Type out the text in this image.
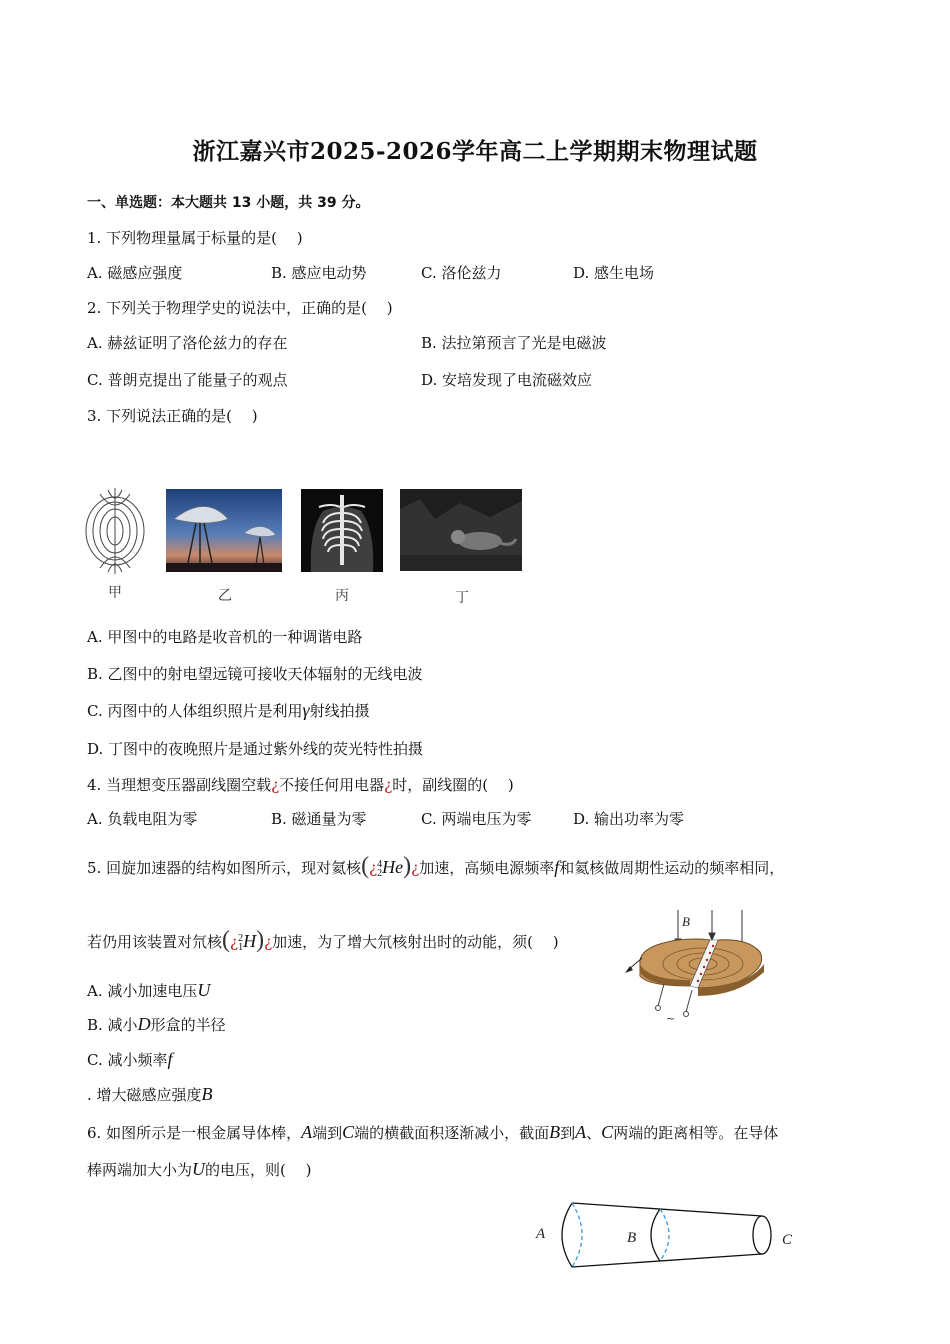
浙江嘉兴市2025-2026学年高二上学期期末物理试题
一、单选题：本大题共 13 小题，共 39 分。
1. 下列物理量属于标量的是(　 )
A. 磁感应强度	B. 感应电动势	C. 洛伦兹力	D. 感生电场
2. 下列关于物理学史的说法中，正确的是(　 )
A. 赫兹证明了洛伦兹力的存在	B. 法拉第预言了光是电磁波
C. 普朗克提出了能量子的观点	D. 安培发现了电流磁效应
3. 下列说法正确的是(　 )
甲	乙	丙	丁
A. 甲图中的电路是收音机的一种调谐电路
B. 乙图中的射电望远镜可接收天体辐射的无线电波
C. 丙图中的人体组织照片是利用γ射线拍摄
D. 丁图中的夜晚照片是通过紫外线的荧光特性拍摄
4. 当理想变压器副线圈空载¿不接任何用电器¿时，副线圈的(　 )
A. 负载电阻为零	B. 磁通量为零	C. 两端电压为零	D. 输出功率为零
5. 回旋加速器的结构如图所示，现对氦核(¿4
2He)¿加速，高频电源频率f和氦核做周期性运动的频率相同，
若仍用该装置对氘核(¿2
1H)¿加速，为了增大氘核射出时的动能，须(　 )
B
~
A. 减小加速电压U
B. 减小D形盒的半径
C. 减小频率f
. 增大磁感应强度B
6. 如图所示是一根金属导体棒，A端到C端的横截面积逐渐减小，截面B到A、C两端的距离相等。在导体
棒两端加大小为U的电压，则(　 )
A	B	C
